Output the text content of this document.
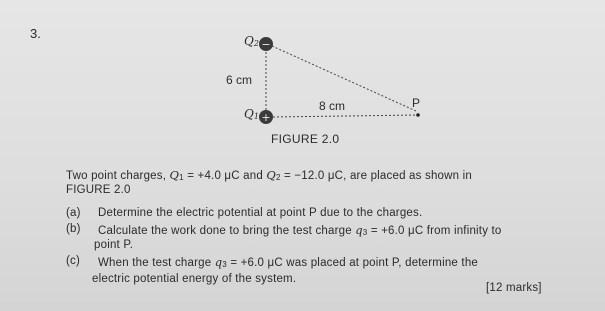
3.
−
+
Q2
Q1
6 cm
8 cm	P
FIGURE 2.0
Two point charges, Q1 = +4.0 μC and Q2 = −12.0 μC, are placed as shown in
FIGURE 2.0
(a) Determine the electric potential at point P due to the charges.
(b) Calculate the work done to bring the test charge q3 = +6.0 μC from infinity to
point P.
(c) When the test charge q3 = +6.0 μC was placed at point P, determine the
electric potential energy of the system.
[12 marks]
